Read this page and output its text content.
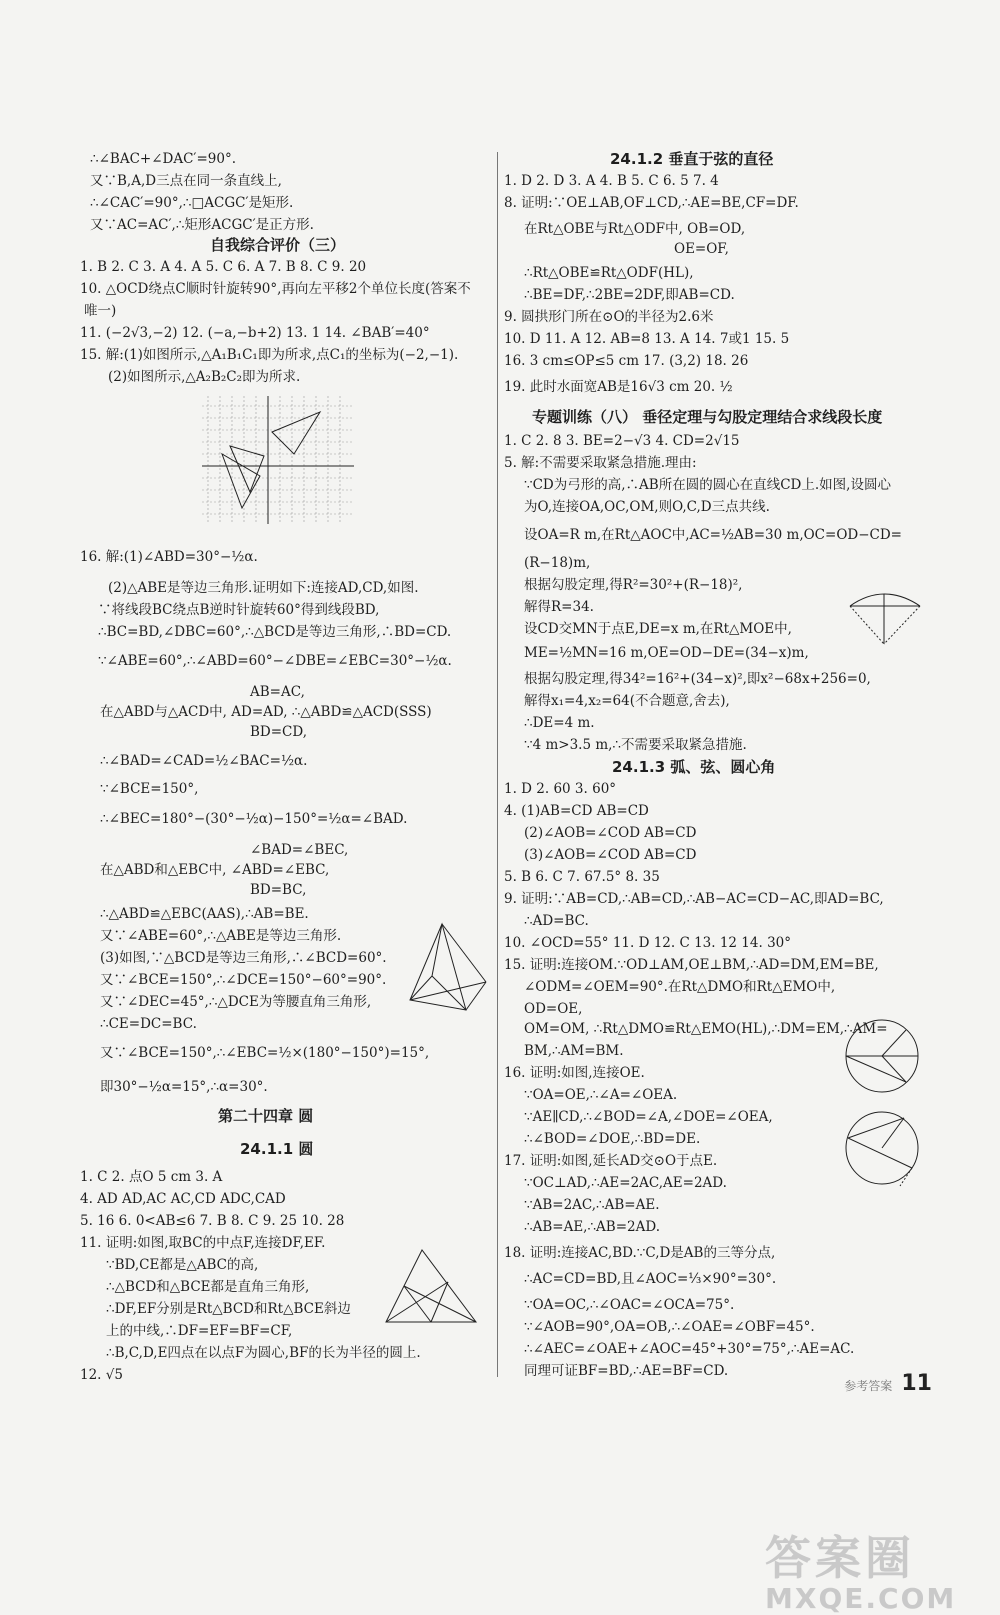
∴∠BAC+∠DAC′=90°.
又∵B,A,D三点在同一条直线上,
∴∠CAC′=90°,∴□ACGC′是矩形.
又∵AC=AC′,∴矩形ACGC′是正方形.
自我综合评价（三）
1. B 2. C 3. A 4. A 5. C 6. A 7. B 8. C 9. 20
10. △OCD绕点C顺时针旋转90°,再向左平移2个单位长度(答案不
唯一)
11. (−2√3,−2) 12. (−a,−b+2) 13. 1 14. ∠BAB′=40°
15. 解:(1)如图所示,△A₁B₁C₁即为所求,点C₁的坐标为(−2,−1).
(2)如图所示,△A₂B₂C₂即为所求.
16. 解:(1)∠ABD=30°−½α.
(2)△ABE是等边三角形.证明如下:连接AD,CD,如图.
∵将线段BC绕点B逆时针旋转60°得到线段BD,
∴BC=BD,∠DBC=60°,∴△BCD是等边三角形,∴BD=CD.
∵∠ABE=60°,∴∠ABD=60°−∠DBE=∠EBC=30°−½α.
AB=AC,
在△ABD与△ACD中, AD=AD, ∴△ABD≌△ACD(SSS)
BD=CD,
∴∠BAD=∠CAD=½∠BAC=½α.
∵∠BCE=150°,
∴∠BEC=180°−(30°−½α)−150°=½α=∠BAD.
∠BAD=∠BEC,
在△ABD和△EBC中, ∠ABD=∠EBC,
BD=BC,
∴△ABD≌△EBC(AAS),∴AB=BE.
又∵∠ABE=60°,∴△ABE是等边三角形.
(3)如图,∵△BCD是等边三角形,∴∠BCD=60°.
又∵∠BCE=150°,∴∠DCE=150°−60°=90°.
又∵∠DEC=45°,∴△DCE为等腰直角三角形,
∴CE=DC=BC.
又∵∠BCE=150°,∴∠EBC=½×(180°−150°)=15°,
即30°−½α=15°,∴α=30°.
第二十四章 圆
24.1.1 圆
1. C 2. 点O 5 cm 3. A
4. AD AD,AC AC,CD ADC,CAD
5. 16 6. 0<AB≤6 7. B 8. C 9. 25 10. 28
11. 证明:如图,取BC的中点F,连接DF,EF.
∵BD,CE都是△ABC的高,
∴△BCD和△BCE都是直角三角形,
∴DF,EF分别是Rt△BCD和Rt△BCE斜边
上的中线,∴DF=EF=BF=CF,
∴B,C,D,E四点在以点F为圆心,BF的长为半径的圆上.
12. √5
24.1.2 垂直于弦的直径
1. D 2. D 3. A 4. B 5. C 6. 5 7. 4
8. 证明:∵OE⊥AB,OF⊥CD,∴AE=BE,CF=DF.
在Rt△OBE与Rt△ODF中, OB=OD,
OE=OF,
∴Rt△OBE≌Rt△ODF(HL),
∴BE=DF,∴2BE=2DF,即AB=CD.
9. 圆拱形门所在⊙O的半径为2.6米
10. D 11. A 12. AB=8 13. A 14. 7或1 15. 5
16. 3 cm≤OP≤5 cm 17. (3,2) 18. 26
19. 此时水面宽AB是16√3 cm 20. ½
专题训练（八） 垂径定理与勾股定理结合求线段长度
1. C 2. 8 3. BE=2−√3 4. CD=2√15
5. 解:不需要采取紧急措施.理由:
∵CD为弓形的高,∴AB所在圆的圆心在直线CD上.如图,设圆心
为O,连接OA,OC,OM,则O,C,D三点共线.
设OA=R m,在Rt△AOC中,AC=½AB=30 m,OC=OD−CD=
(R−18)m,
根据勾股定理,得R²=30²+(R−18)²,
解得R=34.
设CD交MN于点E,DE=x m,在Rt△MOE中,
ME=½MN=16 m,OE=OD−DE=(34−x)m,
根据勾股定理,得34²=16²+(34−x)²,即x²−68x+256=0,
解得x₁=4,x₂=64(不合题意,舍去),
∴DE=4 m.
∵4 m>3.5 m,∴不需要采取紧急措施.
24.1.3 弧、弦、圆心角
1. D 2. 60 3. 60°
4. (1)AB=CD AB=CD
(2)∠AOB=∠COD AB=CD
(3)∠AOB=∠COD AB=CD
5. B 6. C 7. 67.5° 8. 35
9. 证明:∵AB=CD,∴AB=CD,∴AB−AC=CD−AC,即AD=BC,
∴AD=BC.
10. ∠OCD=55° 11. D 12. C 13. 12 14. 30°
15. 证明:连接OM.∵OD⊥AM,OE⊥BM,∴AD=DM,EM=BE,
∠ODM=∠OEM=90°.在Rt△DMO和Rt△EMO中,
OD=OE,
OM=OM, ∴Rt△DMO≌Rt△EMO(HL),∴DM=EM,∴AM=
BM,∴AM=BM.
16. 证明:如图,连接OE.
∵OA=OE,∴∠A=∠OEA.
∵AE∥CD,∴∠BOD=∠A,∠DOE=∠OEA,
∴∠BOD=∠DOE,∴BD=DE.
17. 证明:如图,延长AD交⊙O于点E.
∵OC⊥AD,∴AE=2AC,AE=2AD.
∵AB=2AC,∴AB=AE.
∴AB=AE,∴AB=2AD.
18. 证明:连接AC,BD.∵C,D是AB的三等分点,
∴AC=CD=BD,且∠AOC=⅓×90°=30°.
∵OA=OC,∴∠OAC=∠OCA=75°.
∵∠AOB=90°,OA=OB,∴∠OAE=∠OBF=45°.
∴∠AEC=∠OAE+∠AOC=45°+30°=75°,∴AE=AC.
同理可证BF=BD,∴AE=BF=CD.
参考答案 11
答案圈
MXQE.COM
